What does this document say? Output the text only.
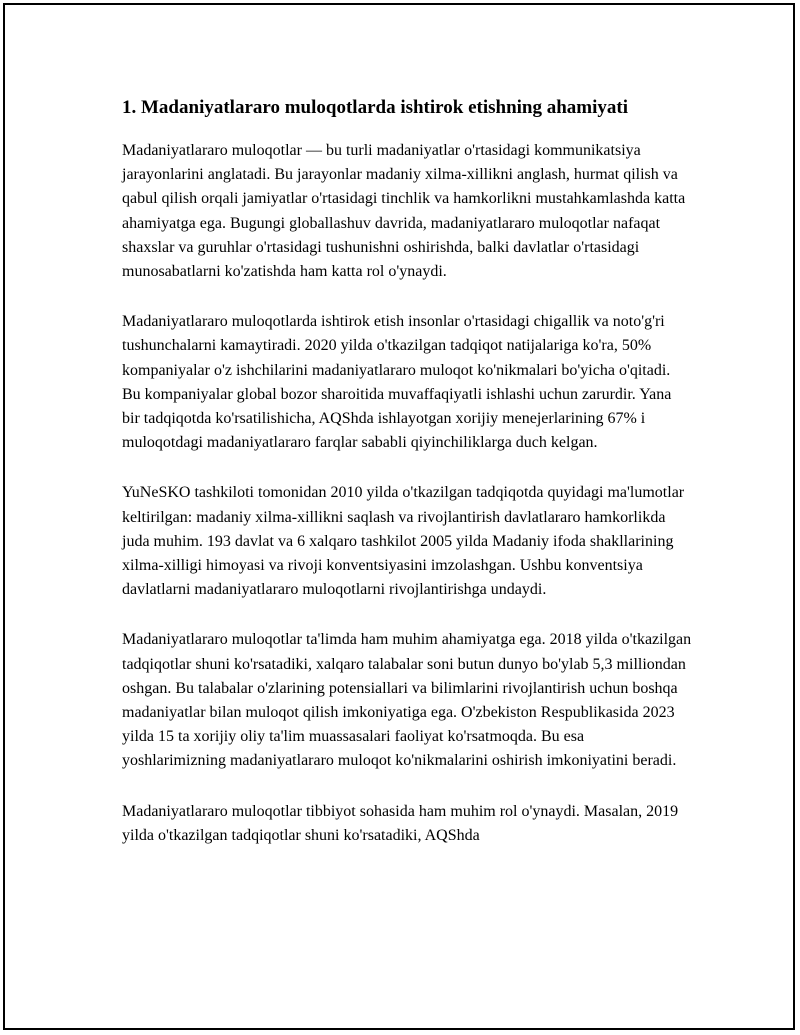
1. Madaniyatlararo muloqotlarda ishtirok etishning ahamiyati

Madaniyatlararo muloqotlar — bu turli madaniyatlar o'rtasidagi kommunikatsiya jarayonlarini anglatadi. Bu jarayonlar madaniy xilma-xillikni anglash, hurmat qilish va qabul qilish orqali jamiyatlar o'rtasidagi tinchlik va hamkorlikni mustahkamlashda katta ahamiyatga ega. Bugungi globallashuv davrida, madaniyatlararo muloqotlar nafaqat shaxslar va guruhlar o'rtasidagi tushunishni oshirishda, balki davlatlar o'rtasidagi munosabatlarni ko'zatishda ham katta rol o'ynaydi.

Madaniyatlararo muloqotlarda ishtirok etish insonlar o'rtasidagi chigallik va noto'g'ri tushunchalarni kamaytiradi. 2020 yilda o'tkazilgan tadqiqot natijalariga ko'ra, 50% kompaniyalar o'z ishchilarini madaniyatlararo muloqot ko'nikmalari bo'yicha o'qitadi. Bu kompaniyalar global bozor sharoitida muvaffaqiyatli ishlashi uchun zarurdir. Yana bir tadqiqotda ko'rsatilishicha, AQShda ishlayotgan xorijiy menejerlarining 67% i muloqotdagi madaniyatlararo farqlar sababli qiyinchiliklarga duch kelgan.

YuNeSKO tashkiloti tomonidan 2010 yilda o'tkazilgan tadqiqotda quyidagi ma'lumotlar keltirilgan: madaniy xilma-xillikni saqlash va rivojlantirish davlatlararo hamkorlikda juda muhim. 193 davlat va 6 xalqaro tashkilot 2005 yilda Madaniy ifoda shakllarining xilma-xilligi himoyasi va rivoji konventsiyasini imzolashgan. Ushbu konventsiya davlatlarni madaniyatlararo muloqotlarni rivojlantirishga undaydi.

Madaniyatlararo muloqotlar ta'limda ham muhim ahamiyatga ega. 2018 yilda o'tkazilgan tadqiqotlar shuni ko'rsatadiki, xalqaro talabalar soni butun dunyo bo'ylab 5,3 milliondan oshgan. Bu talabalar o'zlarining potensiallari va bilimlarini rivojlantirish uchun boshqa madaniyatlar bilan muloqot qilish imkoniyatiga ega. O'zbekiston Respublikasida 2023 yilda 15 ta xorijiy oliy ta'lim muassasalari faoliyat ko'rsatmoqda. Bu esa yoshlarimizning madaniyatlararo muloqot ko'nikmalarini oshirish imkoniyatini beradi.

Madaniyatlararo muloqotlar tibbiyot sohasida ham muhim rol o'ynaydi. Masalan, 2019 yilda o'tkazilgan tadqiqotlar shuni ko'rsatadiki, AQShda
